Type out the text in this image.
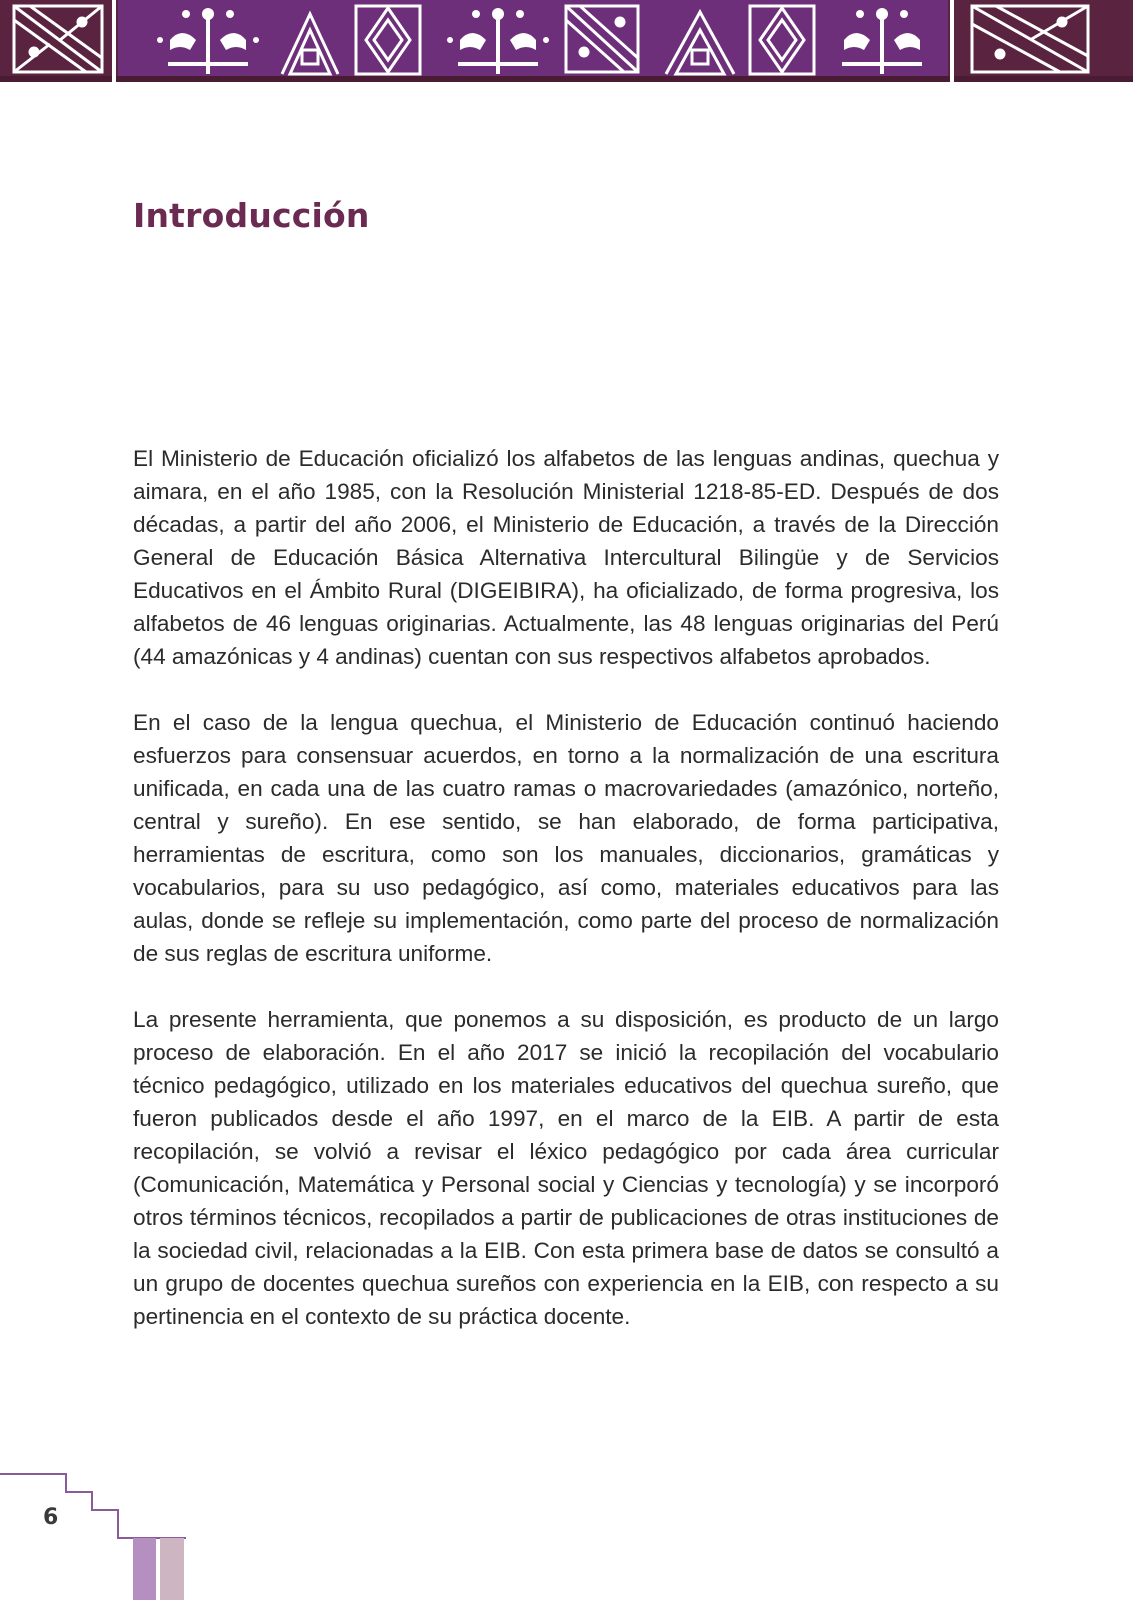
Introducción

El Ministerio de Educación oficializó los alfabetos de las lenguas andinas, quechua y aimara, en el año 1985, con la Resolución Ministerial 1218-85-ED. Después de dos décadas, a partir del año 2006, el Ministerio de Educación, a través de la Dirección General de Educación Básica Alternativa Intercultural Bilingüe y de Servicios Educativos en el Ámbito Rural (DIGEIBIRA), ha oficializado, de forma progresiva, los alfabetos de 46 lenguas originarias. Actualmente, las 48 lenguas originarias del Perú (44 amazónicas y 4 andinas) cuentan con sus respectivos alfabetos aprobados.

En el caso de la lengua quechua, el Ministerio de Educación continuó haciendo esfuerzos para consensuar acuerdos, en torno a la normalización de una escritura unificada, en cada una de las cuatro ramas o macrovariedades (amazónico, norteño, central y sureño). En ese sentido, se han elaborado, de forma participativa, herramientas de escritura, como son los manuales, diccionarios, gramáticas y vocabularios, para su uso pedagógico, así como, materiales educativos para las aulas, donde se refleje su implementación, como parte del proceso de normalización de sus reglas de escritura uniforme.

La presente herramienta, que ponemos a su disposición, es producto de un largo proceso de elaboración. En el año 2017 se inició la recopilación del vocabulario técnico pedagógico, utilizado en los materiales educativos del quechua sureño, que fueron publicados desde el año 1997, en el marco de la EIB. A partir de esta recopilación, se volvió a revisar el léxico pedagógico por cada área curricular (Comunicación, Matemática y Personal social y Ciencias y tecnología) y se incorporó otros términos técnicos, recopilados a partir de publicaciones de otras instituciones de la sociedad civil, relacionadas a la EIB. Con esta primera base de datos se consultó a un grupo de docentes quechua sureños con experiencia en la EIB, con respecto a su pertinencia en el contexto de su práctica docente.

6
